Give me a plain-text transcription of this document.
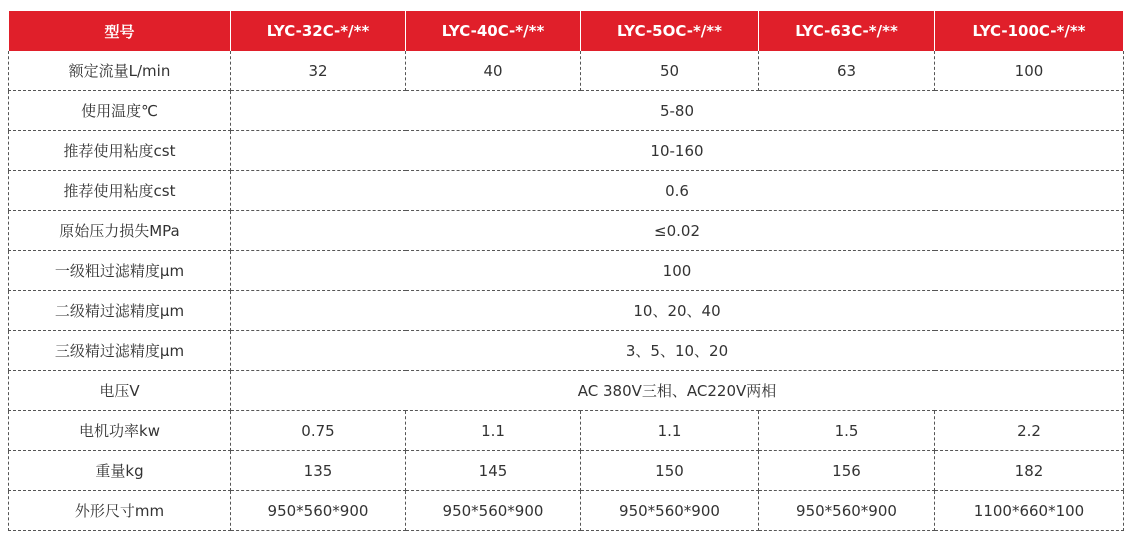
型号	LYC-32C-*/**	LYC-40C-*/**	LYC-5OC-*/**	LYC-63C-*/**	LYC-100C-*/**
额定流量L/min	32	40	50	63	100
使用温度℃	5-80				
推荐使用粘度cst	10-160				
推荐使用粘度cst	0.6				
原始压力损失MPa	≤0.02				
一级粗过滤精度μm	100				
二级精过滤精度μm	10、20、40				
三级精过滤精度μm	3、5、10、20				
电压V	AC 380V三相、AC220V两相				
电机功率kw	0.75	1.1	1.1	1.5	2.2
重量kg	135	145	150	156	182
外形尺寸mm	950*560*900	950*560*900	950*560*900	950*560*900	1100*660*100
